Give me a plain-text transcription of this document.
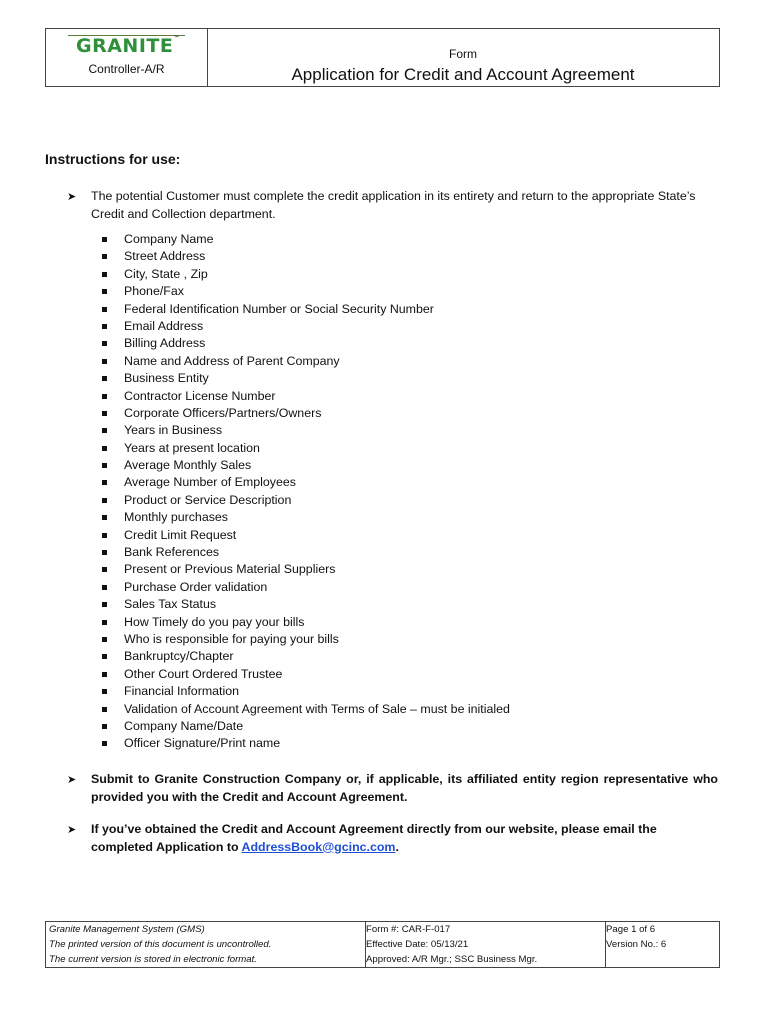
GRANITE™
Controller-A/R
Form
Application for Credit and Account Agreement
Instructions for use:
➤ The potential Customer must complete the credit application in its entirety and return to the appropriate State’s Credit and Collection department.
Company Name
Street Address
City, State , Zip
Phone/Fax
Federal Identification Number or Social Security Number
Email Address
Billing Address
Name and Address of Parent Company
Business Entity
Contractor License Number
Corporate Officers/Partners/Owners
Years in Business
Years at present location
Average Monthly Sales
Average Number of Employees
Product or Service Description
Monthly purchases
Credit Limit Request
Bank References
Present or Previous Material Suppliers
Purchase Order validation
Sales Tax Status
How Timely do you pay your bills
Who is responsible for paying your bills
Bankruptcy/Chapter
Other Court Ordered Trustee
Financial Information
Validation of Account Agreement with Terms of Sale – must be initialed
Company Name/Date
Officer Signature/Print name
➤ Submit to Granite Construction Company or, if applicable, its affiliated entity region representative who provided you with the Credit and Account Agreement.
➤ If you’ve obtained the Credit and Account Agreement directly from our website, please email the completed Application to AddressBook@gcinc.com.
Granite Management System (GMS)
The printed version of this document is uncontrolled.
The current version is stored in electronic format.
Form #: CAR-F-017
Effective Date: 05/13/21
Approved: A/R Mgr.; SSC Business Mgr.
Page 1 of 6
Version No.: 6
